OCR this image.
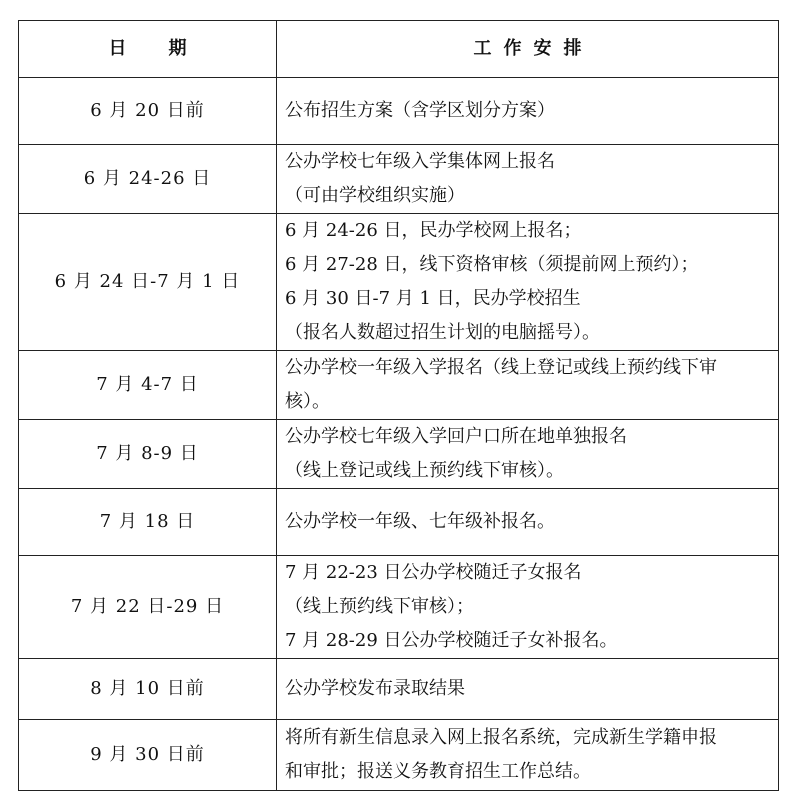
日　期	工作安排
6 月 20 日前	公布招生方案（含学区划分方案）

6 月 24-26 日	公办学校七年级入学集体网上报名
（可由学校组织实施）

6 月 24 日-7 月 1 日	6 月 24-26 日，民办学校网上报名；
6 月 27-28 日，线下资格审核（须提前网上预约）；
6 月 30 日-7 月 1 日，民办学校招生
（报名人数超过招生计划的电脑摇号）。

7 月 4-7 日	公办学校一年级入学报名（线上登记或线上预约线下审
核）。

7 月 8-9 日	公办学校七年级入学回户口所在地单独报名
（线上登记或线上预约线下审核）。

7 月 18 日	公办学校一年级、七年级补报名。

7 月 22 日-29 日	7 月 22-23 日公办学校随迁子女报名
（线上预约线下审核）；
7 月 28-29 日公办学校随迁子女补报名。

8 月 10 日前	公办学校发布录取结果

9 月 30 日前	将所有新生信息录入网上报名系统，完成新生学籍申报
和审批；报送义务教育招生工作总结。
